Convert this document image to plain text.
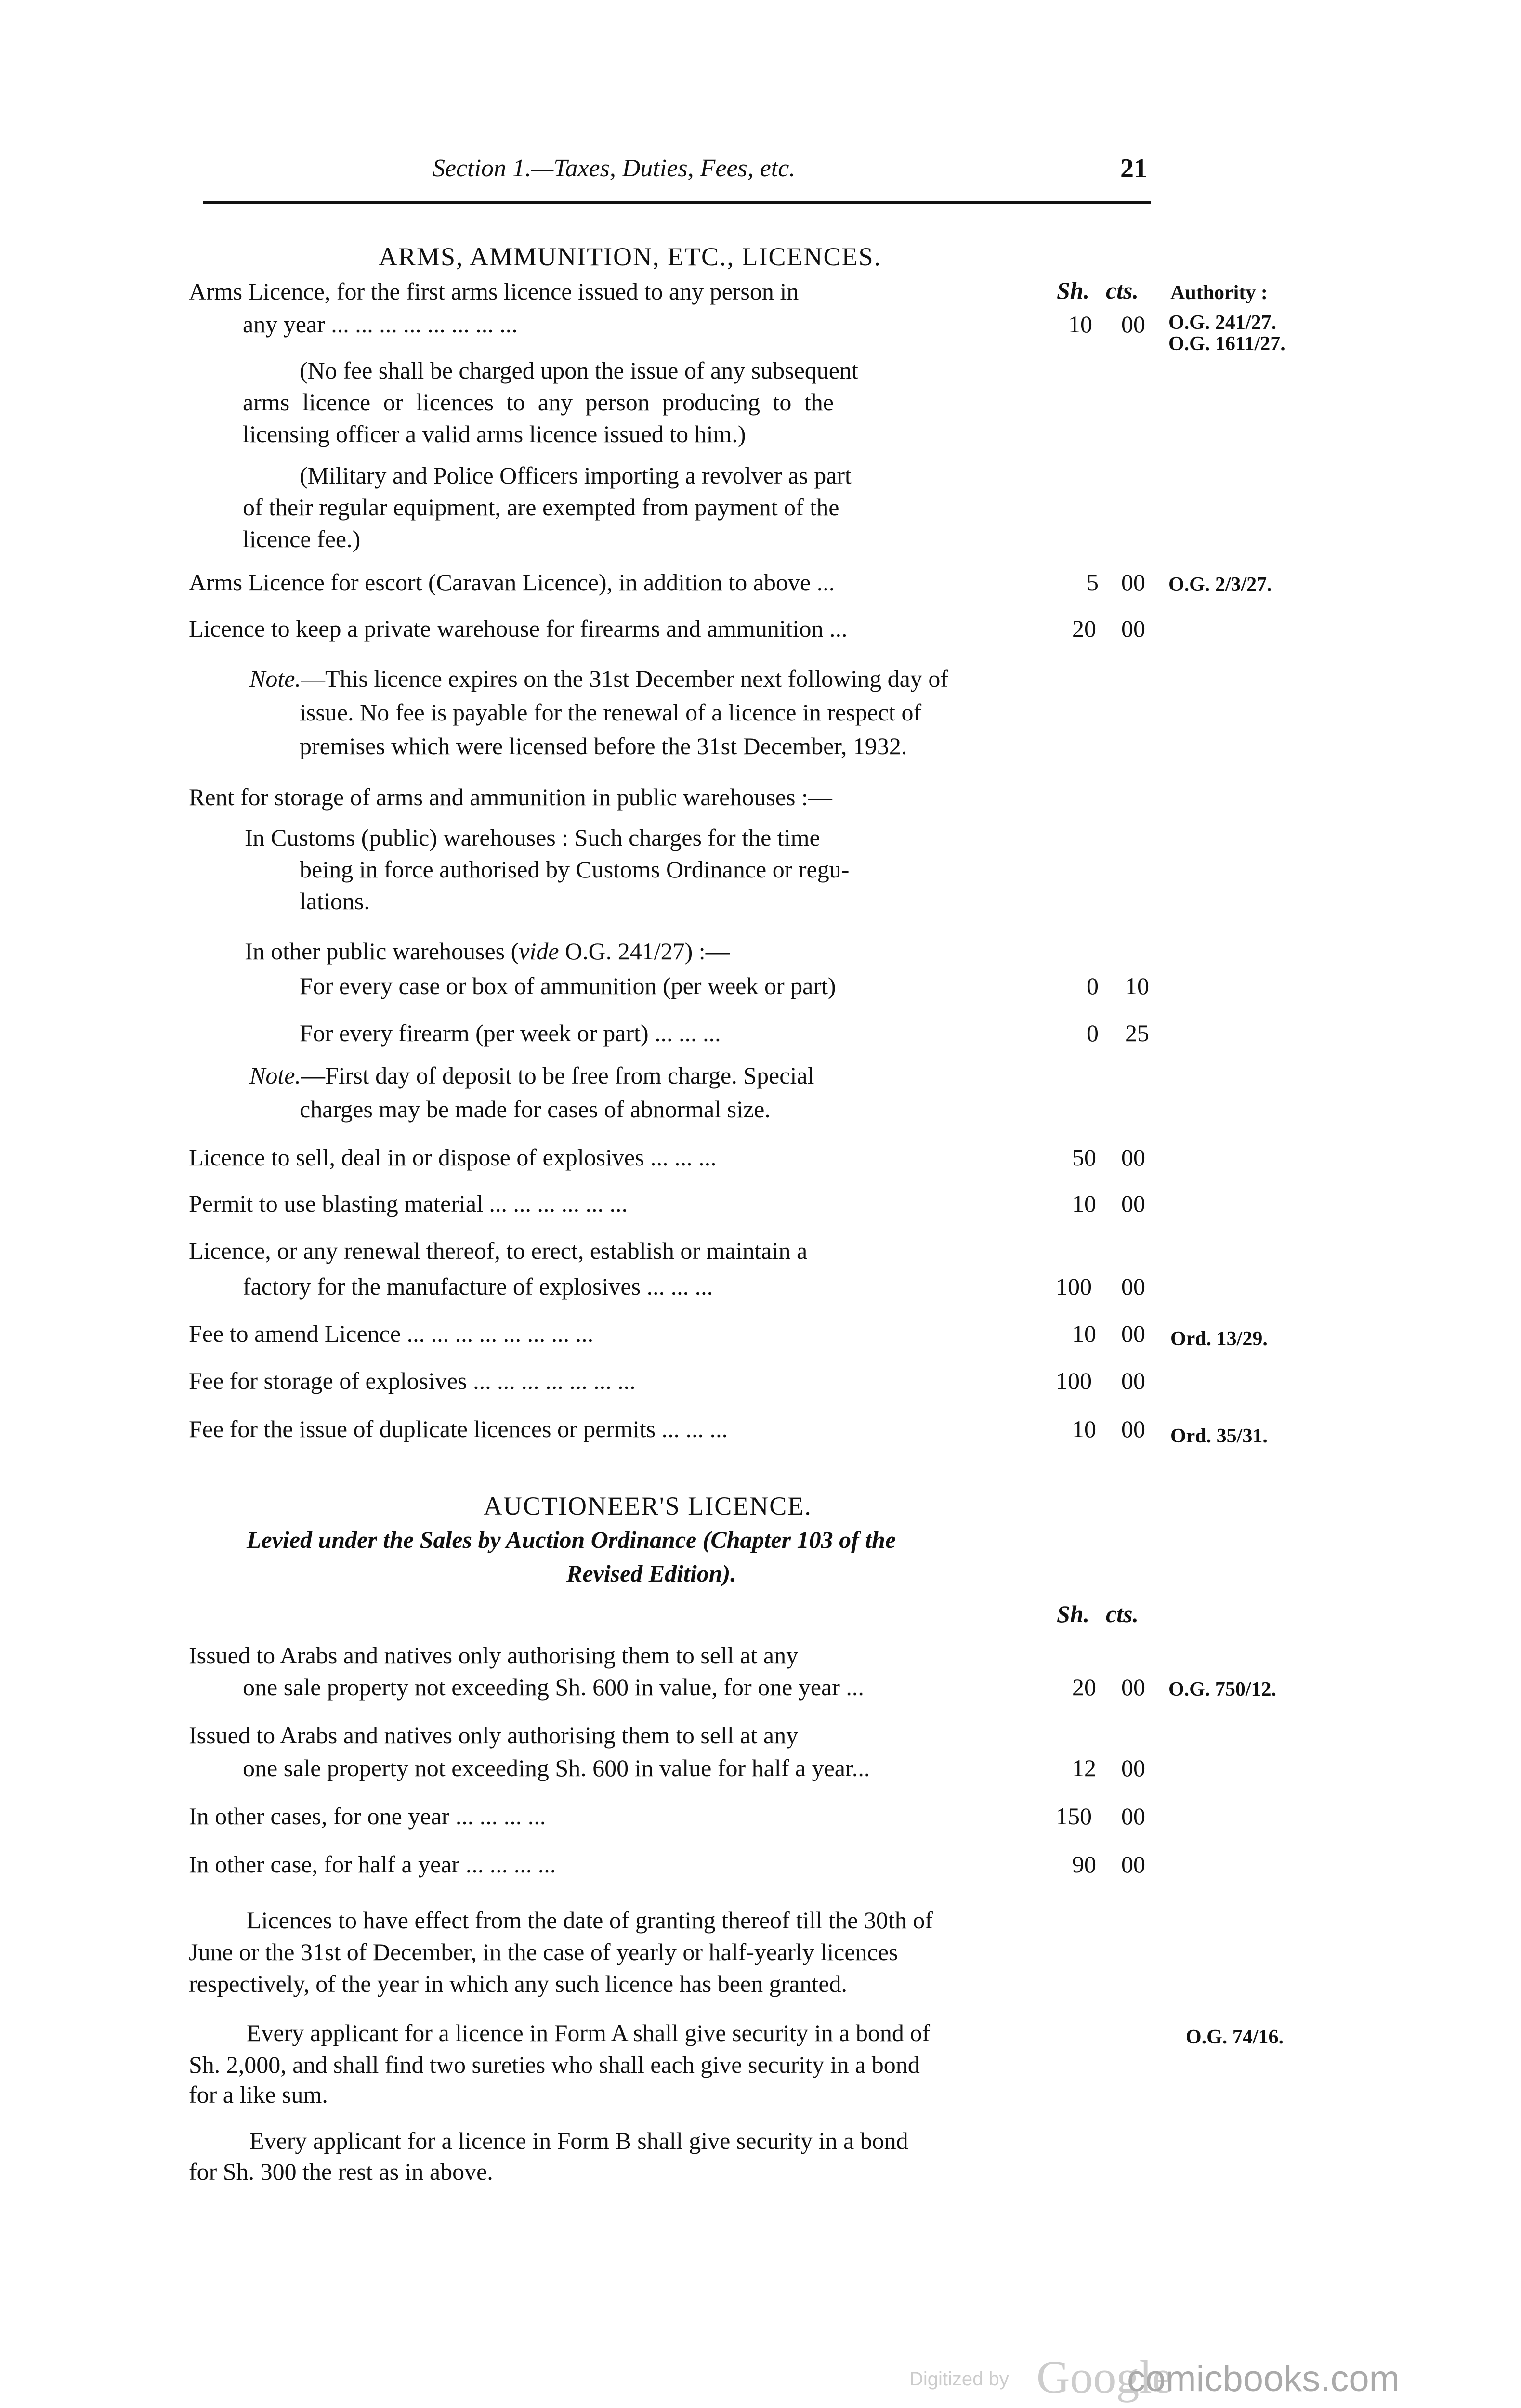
Section 1.—Taxes, Duties, Fees, etc.	21
ARMS, AMMUNITION, ETC., LICENCES.
Sh. cts. Authority :
Arms Licence, for the first arms licence issued to any person in
any year ... ... ... ... ... ... ... ...	10 00 O.G. 241/27.
O.G. 1611/27.
(No fee shall be charged upon the issue of any subsequent
arms licence or licences to any person producing to the
licensing officer a valid arms licence issued to him.)
(Military and Police Officers importing a revolver as part
of their regular equipment, are exempted from payment of the
licence fee.)
Arms Licence for escort (Caravan Licence), in addition to above ...	5 00 O.G. 2/3/27.
Licence to keep a private warehouse for firearms and ammunition ...	20 00
Note.—This licence expires on the 31st December next following day of
issue. No fee is payable for the renewal of a licence in respect of
premises which were licensed before the 31st December, 1932.
Rent for storage of arms and ammunition in public warehouses :—
In Customs (public) warehouses : Such charges for the time
being in force authorised by Customs Ordinance or regu-
lations.
In other public warehouses (vide O.G. 241/27) :—
For every case or box of ammunition (per week or part)	0 10
For every firearm (per week or part) ... ... ...	0 25
Note.—First day of deposit to be free from charge. Special
charges may be made for cases of abnormal size.
Licence to sell, deal in or dispose of explosives ... ... ...	50 00
Permit to use blasting material ... ... ... ... ... ...	10 00
Licence, or any renewal thereof, to erect, establish or maintain a
factory for the manufacture of explosives ... ... ...	100 00
Fee to amend Licence ... ... ... ... ... ... ... ...	10 00 Ord. 13/29.
Fee for storage of explosives ... ... ... ... ... ... ...	100 00
Fee for the issue of duplicate licences or permits ... ... ...	10 00 Ord. 35/31.
AUCTIONEER'S LICENCE.
Levied under the Sales by Auction Ordinance (Chapter 103 of the
Revised Edition).
Sh. cts.
Issued to Arabs and natives only authorising them to sell at any
one sale property not exceeding Sh. 600 in value, for one year ...	20 00 O.G. 750/12.
Issued to Arabs and natives only authorising them to sell at any
one sale property not exceeding Sh. 600 in value for half a year...	12 00
In other cases, for one year ... ... ... ...	150 00
In other case, for half a year ... ... ... ...	90 00
Licences to have effect from the date of granting thereof till the 30th of
June or the 31st of December, in the case of yearly or half-yearly licences
respectively, of the year in which any such licence has been granted.
Every applicant for a licence in Form A shall give security in a bond of
Sh. 2,000, and shall find two sureties who shall each give security in a bond
for a like sum.
O.G. 74/16.
Every applicant for a licence in Form B shall give security in a bond
for Sh. 300 the rest as in above.
Digitized by Google
comicbooks.com
